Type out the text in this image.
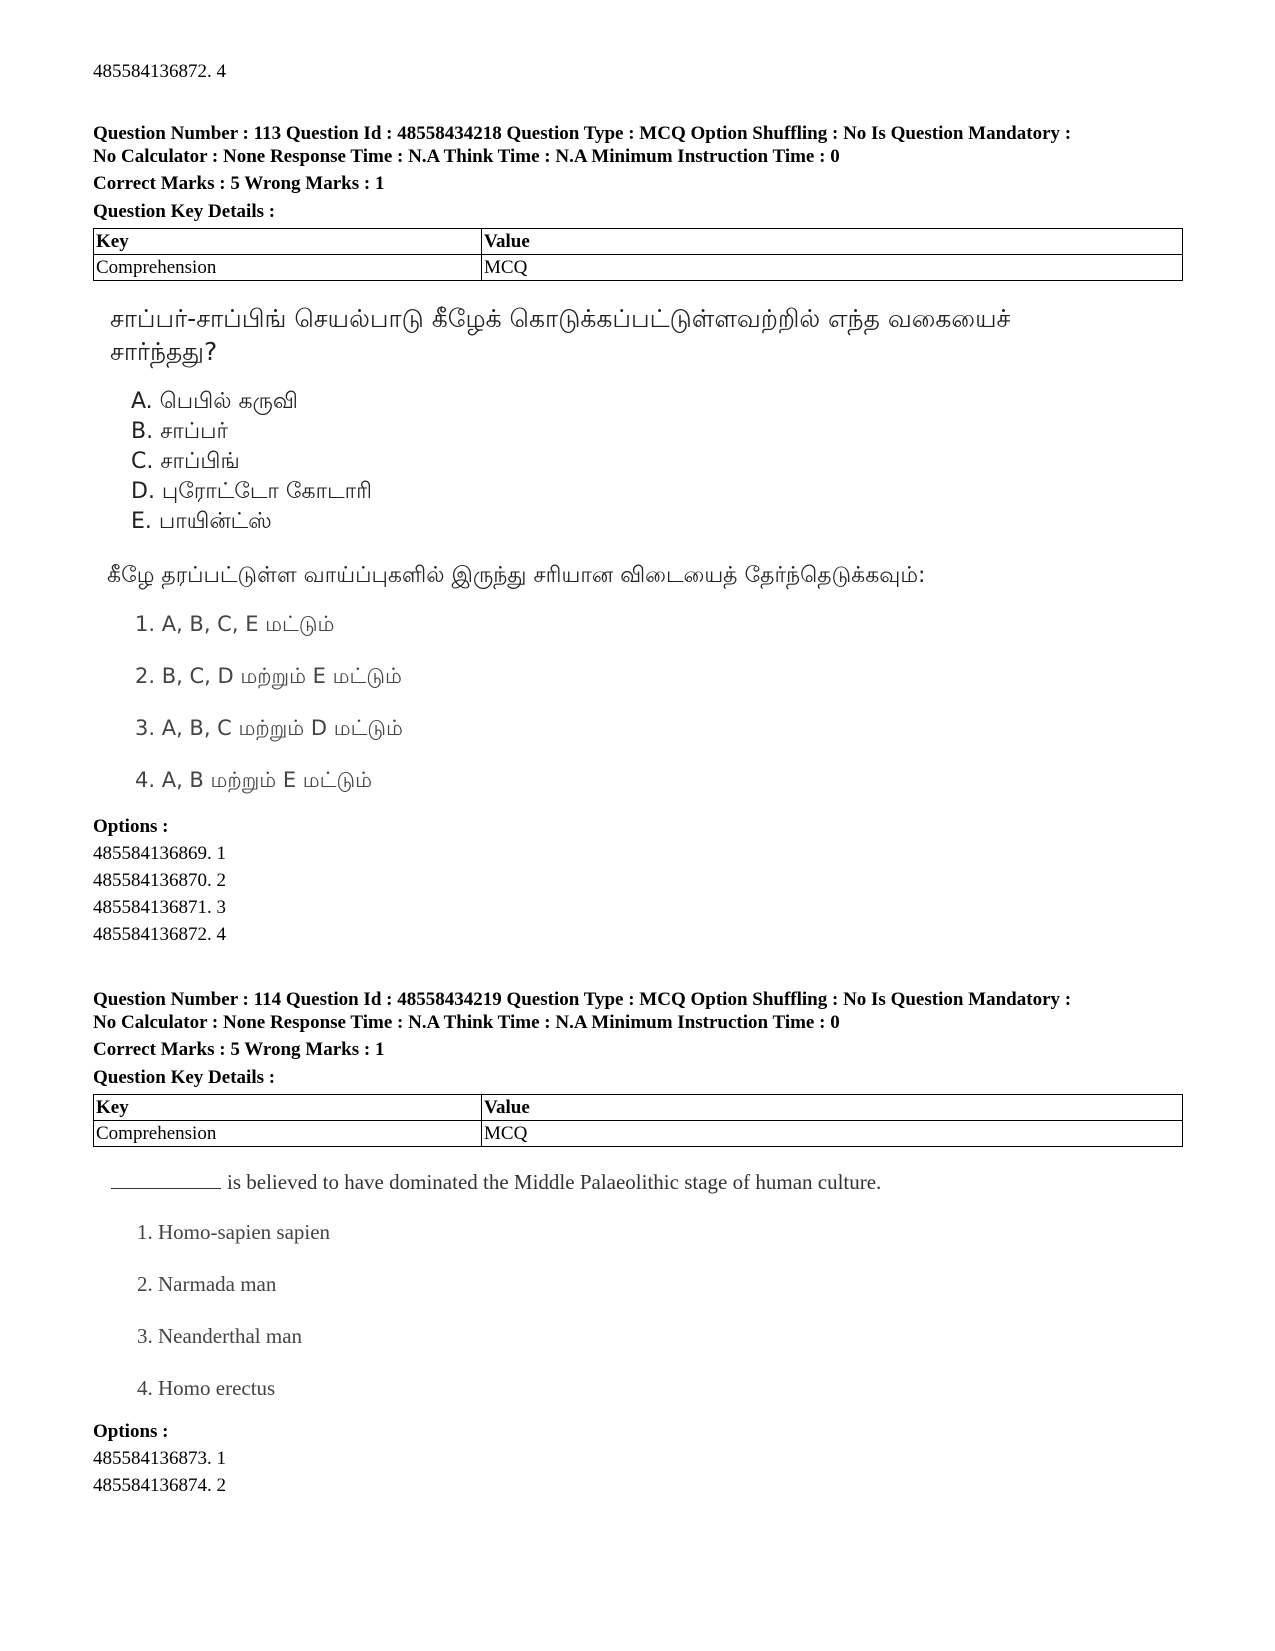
485584136872. 4
Question Number : 113 Question Id : 48558434218 Question Type : MCQ Option Shuffling : No Is Question Mandatory :
No Calculator : None Response Time : N.A Think Time : N.A Minimum Instruction Time : 0
Correct Marks : 5 Wrong Marks : 1
Question Key Details :
Key	Value
Comprehension	MCQ
சாப்பர்-சாப்பிங் செயல்பாடு கீழேக் கொடுக்கப்பட்டுள்ளவற்றில் எந்த வகையைச்
சார்ந்தது?
A. பெபில் கருவி
B. சாப்பர்
C. சாப்பிங்
D. புரோட்டோ கோடாரி
E. பாயின்ட்ஸ்
கீழே தரப்பட்டுள்ள வாய்ப்புகளில் இருந்து சரியான விடையைத் தேர்ந்தெடுக்கவும்:
1. A, B, C, E மட்டும்
2. B, C, D மற்றும் E மட்டும்
3. A, B, C மற்றும் D மட்டும்
4. A, B மற்றும் E மட்டும்
Options :
485584136869. 1
485584136870. 2
485584136871. 3
485584136872. 4
Question Number : 114 Question Id : 48558434219 Question Type : MCQ Option Shuffling : No Is Question Mandatory :
No Calculator : None Response Time : N.A Think Time : N.A Minimum Instruction Time : 0
Correct Marks : 5 Wrong Marks : 1
Question Key Details :
Key	Value
Comprehension	MCQ
is believed to have dominated the Middle Palaeolithic stage of human culture.
1. Homo-sapien sapien
2. Narmada man
3. Neanderthal man
4. Homo erectus
Options :
485584136873. 1
485584136874. 2
